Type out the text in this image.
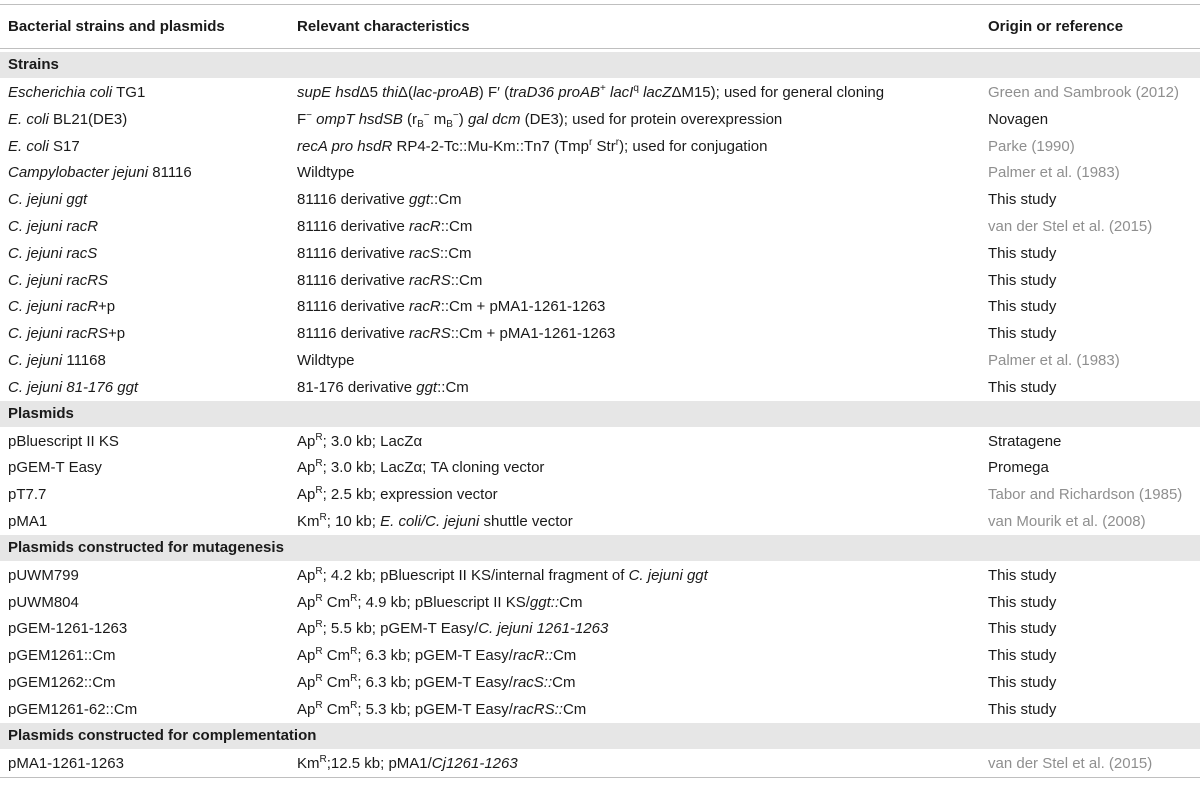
Bacterial strains and plasmids	Relevant characteristics	Origin or reference
Strains
Escherichia coli TG1	supE hsdΔ5 thiΔ(lac-proAB) F′ (traD36 proAB+ lacI$^q$ lacZΔM15); used for general cloning	Green and Sambrook (2012)
E. coli BL21(DE3)	F− ompT hsdSB ($r_B^-$ $m_B^-$) gal dcm (DE3); used for protein overexpression	Novagen
E. coli S17	recA pro hsdR RP4-2-Tc::Mu-Km::Tn7 (Tmp$^r$ Str$^r$); used for conjugation	Parke (1990)
Campylobacter jejuni 81116	Wildtype	Palmer et al. (1983)
C. jejuni ggt	81116 derivative ggt::Cm	This study
C. jejuni racR	81116 derivative racR::Cm	van der Stel et al. (2015)
C. jejuni racS	81116 derivative racS::Cm	This study
C. jejuni racRS	81116 derivative racRS::Cm	This study
C. jejuni racR+p	81116 derivative racR::Cm + pMA1-1261-1263	This study
C. jejuni racRS+p	81116 derivative racRS::Cm + pMA1-1261-1263	This study
C. jejuni 11168	Wildtype	Palmer et al. (1983)
C. jejuni 81-176 ggt	81-176 derivative ggt::Cm	This study
Plasmids
pBluescript II KS	$Ap^R$; 3.0 kb; LacZα	Stratagene
pGEM-T Easy	$Ap^R$; 3.0 kb; LacZα; TA cloning vector	Promega
pT7.7	$Ap^R$; 2.5 kb; expression vector	Tabor and Richardson (1985)
pMA1	$Km^R$; 10 kb; E. coli/C. jejuni shuttle vector	van Mourik et al. (2008)
Plasmids constructed for mutagenesis
pUWM799	$Ap^R$; 4.2 kb; pBluescript II KS/internal fragment of C. jejuni ggt	This study
pUWM804	$Ap^R$ $Cm^R$; 4.9 kb; pBluescript II KS/ggt::Cm	This study
pGEM-1261-1263	$Ap^R$; 5.5 kb; pGEM-T Easy/C. jejuni 1261-1263	This study
pGEM1261::Cm	$Ap^R$ $Cm^R$; 6.3 kb; pGEM-T Easy/racR::Cm	This study
pGEM1262::Cm	$Ap^R$ $Cm^R$; 6.3 kb; pGEM-T Easy/racS::Cm	This study
pGEM1261-62::Cm	$Ap^R$ $Cm^R$; 5.3 kb; pGEM-T Easy/racRS::Cm	This study
Plasmids constructed for complementation
pMA1-1261-1263	$Km^R;12.5$ kb; pMA1/Cj1261-1263	van der Stel et al. (2015)
